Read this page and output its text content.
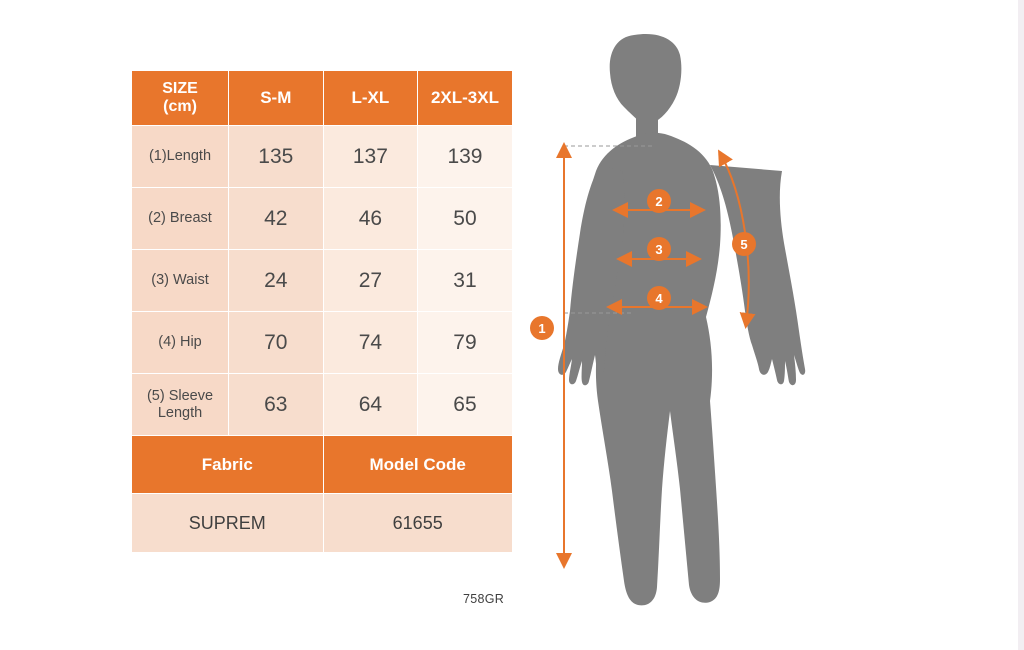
SIZE
(cm)	S-M	L-XL	2XL-3XL
(1)Length	135	137	139
(2) Breast	42	46	50
(3) Waist	24	27	31
(4) Hip	70	74	79

(5) Sleeve
Length	63	64	65
Fabric		Model Code	
SUPREM		61655	
758GR
1
2
3
4
5
